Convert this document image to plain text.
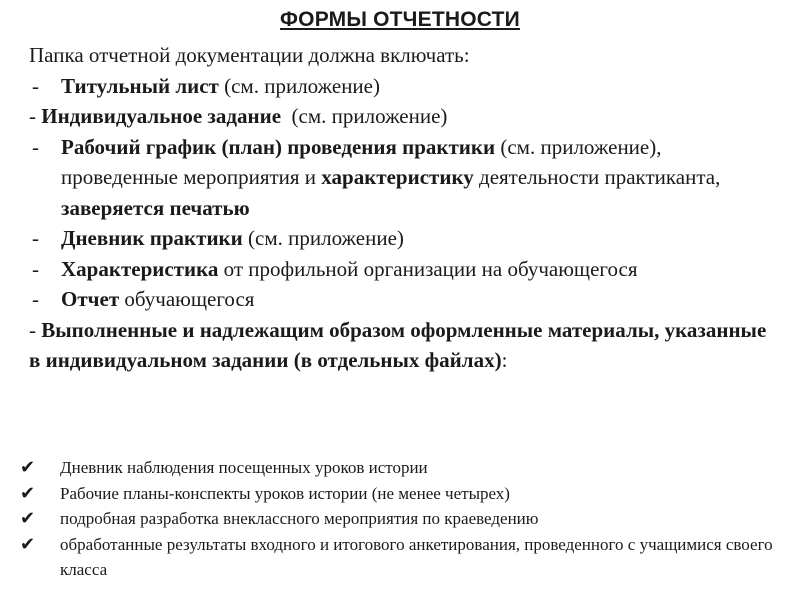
ФОРМЫ ОТЧЕТНОСТИ
Папка отчетной документации должна включать:
- Титульный лист (см. приложение)
- Индивидуальное задание  (см. приложение)
- Рабочий график (план) проведения практики (см. приложение), проведенные мероприятия и характеристику деятельности практиканта, заверяется печатью
- Дневник практики (см. приложение)
- Характеристика от профильной организации на обучающегося
- Отчет обучающегося
- Выполненные и надлежащим образом оформленные материалы, указанные в индивидуальном задании (в отдельных файлах):
✔ Дневник наблюдения посещенных уроков истории
✔ Рабочие планы-конспекты уроков истории (не менее четырех)
✔ подробная разработка внеклассного мероприятия по краеведению
✔ обработанные результаты входного и итогового анкетирования, проведенного с учащимися своего класса
